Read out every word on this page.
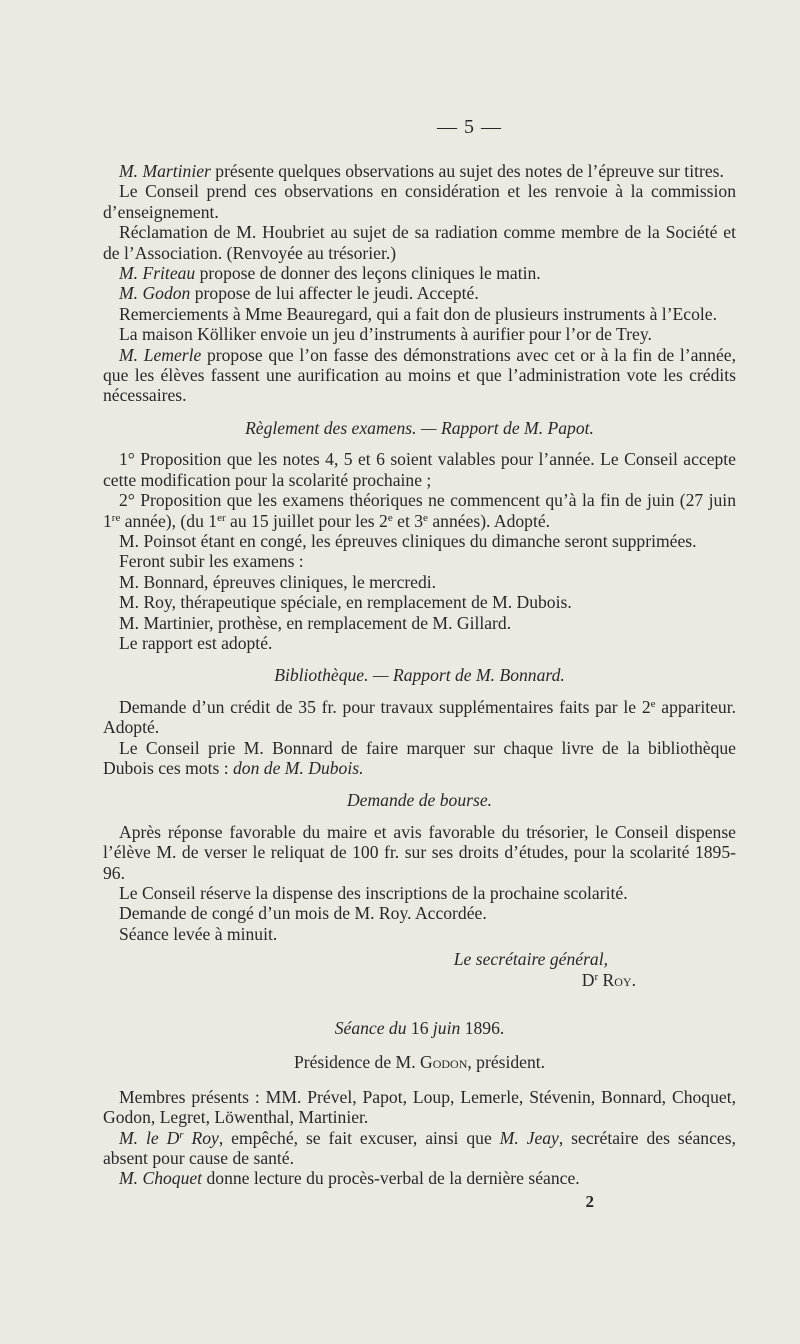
— 5 —

M. Martinier présente quelques observations au sujet des notes de l’épreuve sur titres.

Le Conseil prend ces observations en considération et les renvoie à la commission d’enseignement.

Réclamation de M. Houbriet au sujet de sa radiation comme membre de la Société et de l’Association. (Renvoyée au trésorier.)

M. Friteau propose de donner des leçons cliniques le matin.

M. Godon propose de lui affecter le jeudi. Accepté.

Remerciements à Mme Beauregard, qui a fait don de plusieurs instruments à l’Ecole.

La maison Kölliker envoie un jeu d’instruments à aurifier pour l’or de Trey.

M. Lemerle propose que l’on fasse des démonstrations avec cet or à la fin de l’année, que les élèves fassent une aurification au moins et que l’administration vote les crédits nécessaires.

Règlement des examens. — Rapport de M. Papot.

1° Proposition que les notes 4, 5 et 6 soient valables pour l’année. Le Conseil accepte cette modification pour la scolarité prochaine ;

2° Proposition que les examens théoriques ne commencent qu’à la fin de juin (27 juin 1re année), (du 1er au 15 juillet pour les 2e et 3e années). Adopté.

M. Poinsot étant en congé, les épreuves cliniques du dimanche seront supprimées.

Feront subir les examens :

M. Bonnard, épreuves cliniques, le mercredi.

M. Roy, thérapeutique spéciale, en remplacement de M. Dubois.

M. Martinier, prothèse, en remplacement de M. Gillard.

Le rapport est adopté.

Bibliothèque. — Rapport de M. Bonnard.

Demande d’un crédit de 35 fr. pour travaux supplémentaires faits par le 2e appariteur. Adopté.

Le Conseil prie M. Bonnard de faire marquer sur chaque livre de la bibliothèque Dubois ces mots : don de M. Dubois.

Demande de bourse.

Après réponse favorable du maire et avis favorable du trésorier, le Conseil dispense l’élève M. de verser le reliquat de 100 fr. sur ses droits d’études, pour la scolarité 1895-96.

Le Conseil réserve la dispense des inscriptions de la prochaine scolarité.

Demande de congé d’un mois de M. Roy. Accordée.

Séance levée à minuit.

Le secrétaire général,
$D^r$ Roy.
Séance du 16 juin 1896.
Présidence de M. Godon, président.

Membres présents : MM. Prével, Papot, Loup, Lemerle, Stévenin, Bonnard, Choquet, Godon, Legret, Löwenthal, Martinier.

M. le $D^r$ Roy, empêché, se fait excuser, ainsi que M. Jeay, secrétaire des séances, absent pour cause de santé.

M. Choquet donne lecture du procès-verbal de la dernière séance.

2
